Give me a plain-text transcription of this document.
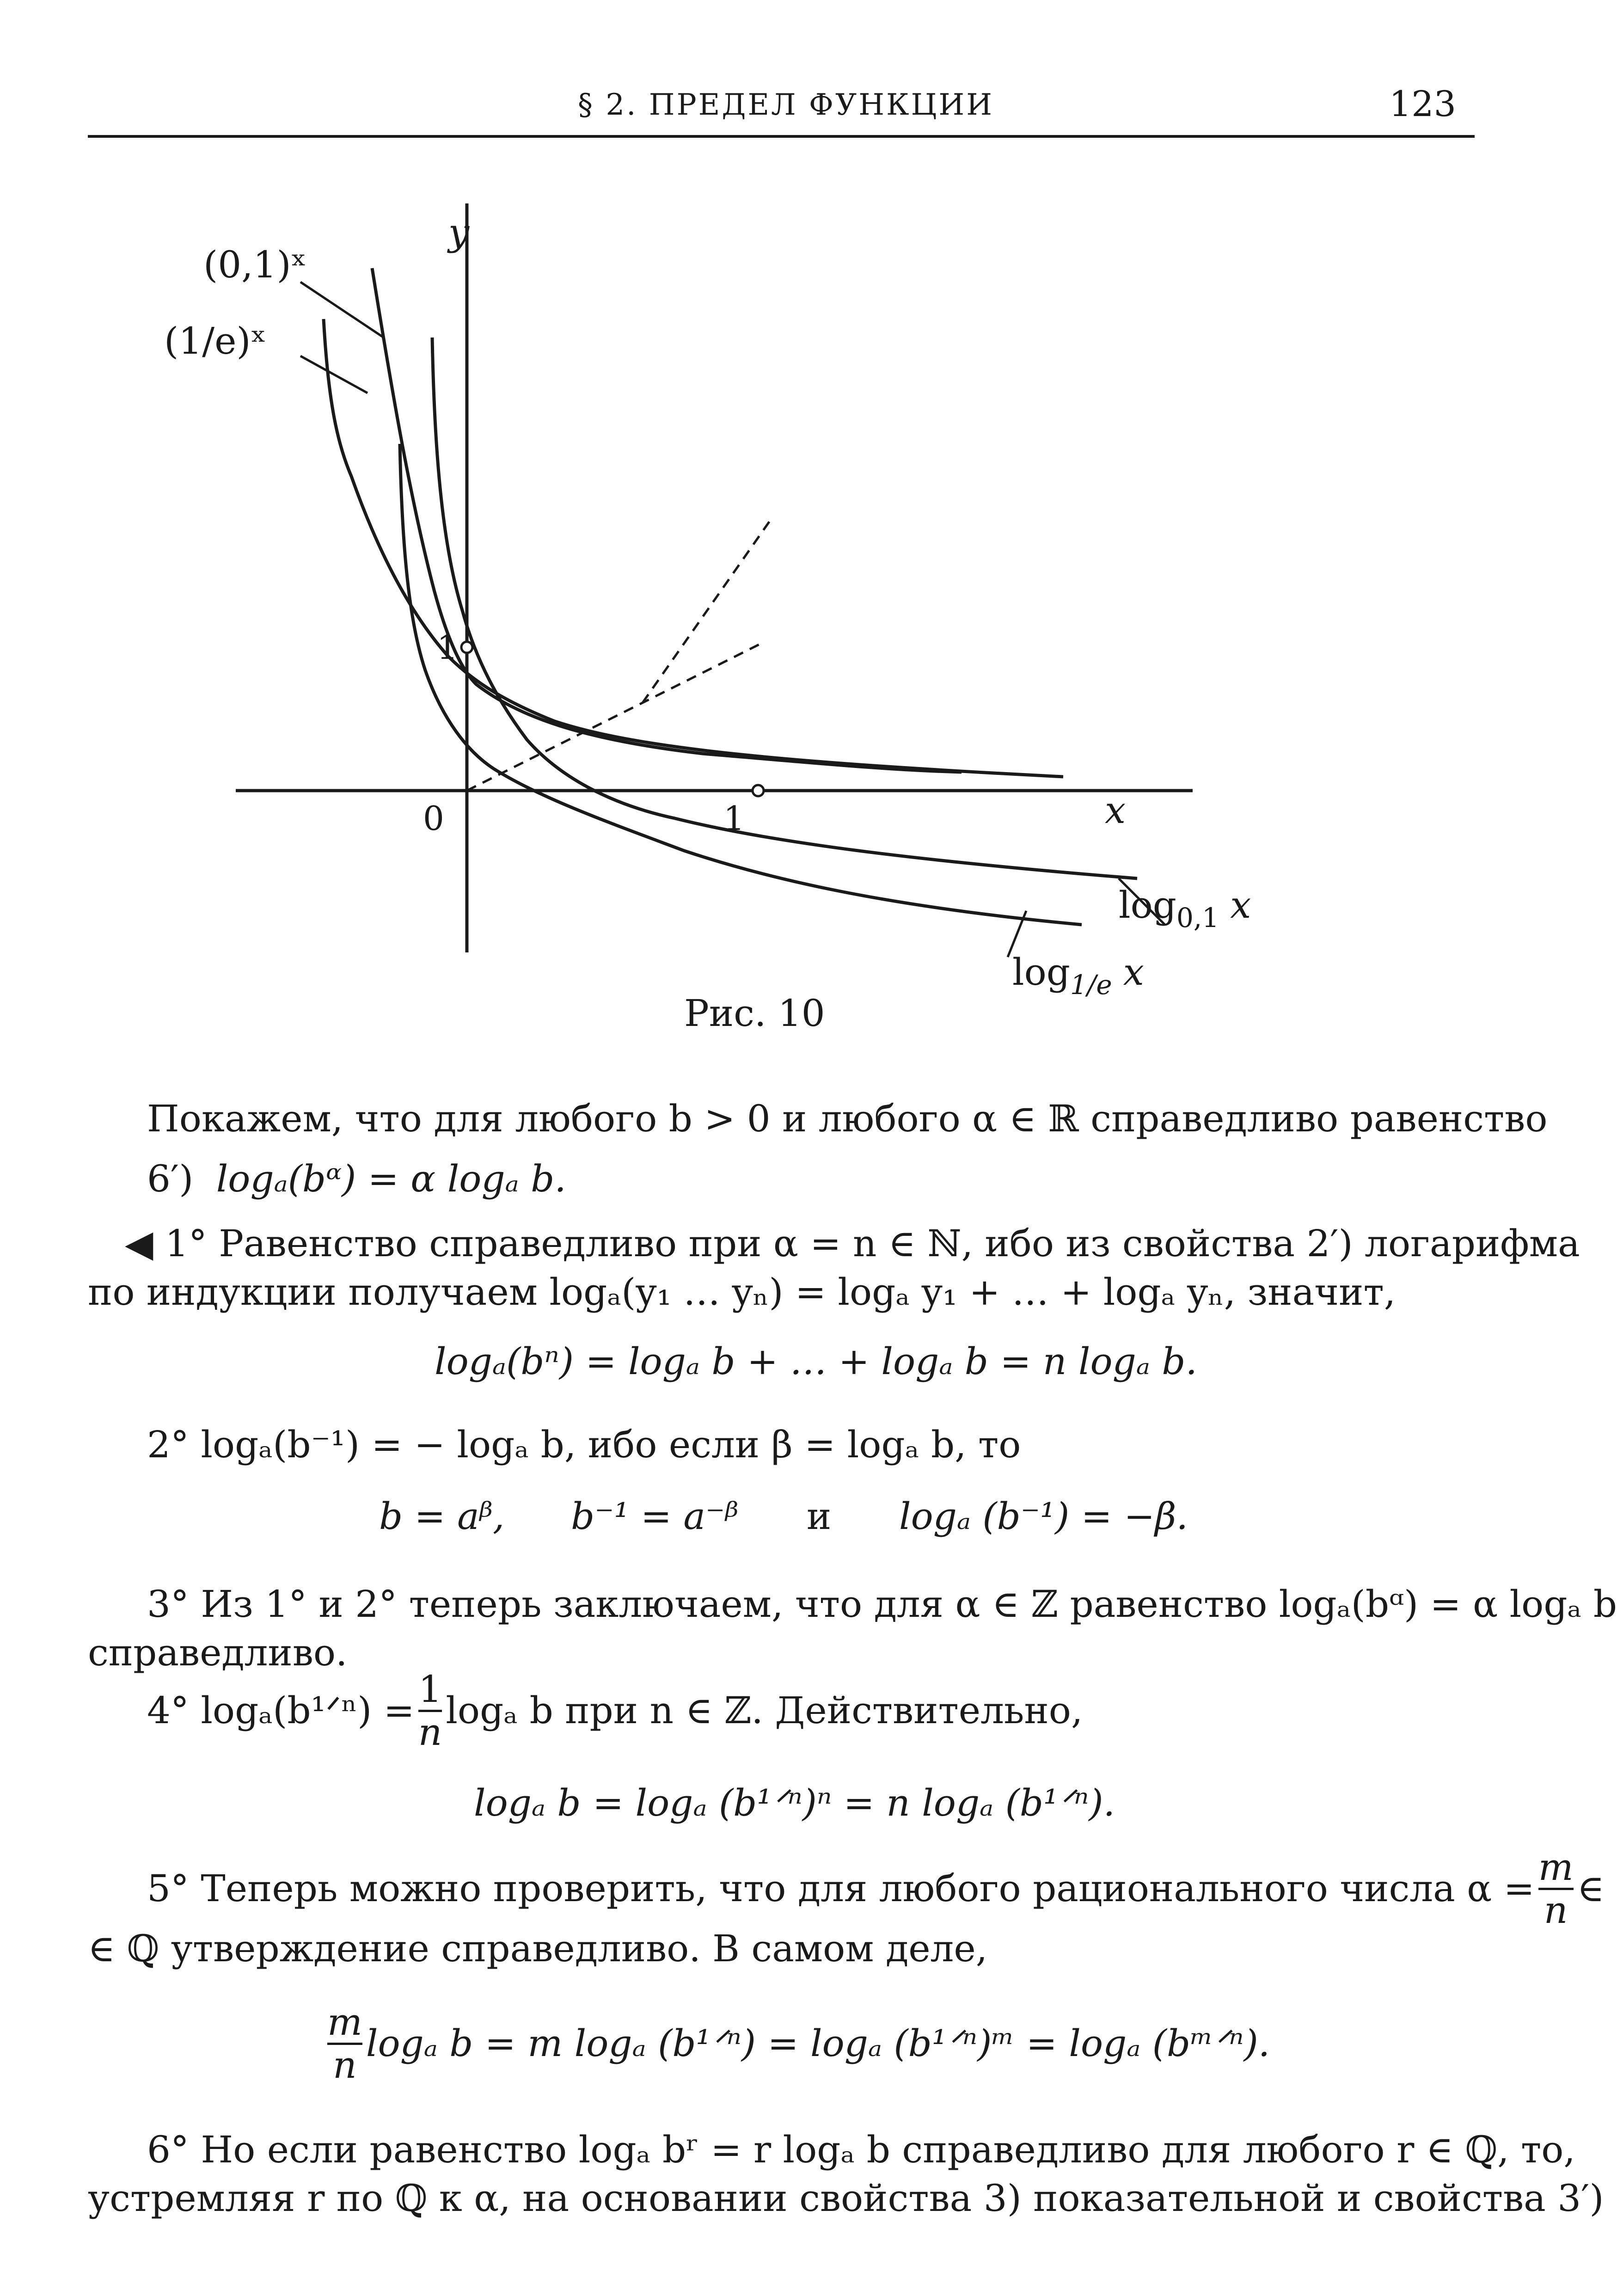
§ 2. ПРЕДЕЛ ФУНКЦИИ	123
y
x
0
1
1
(0,1)ˣ
(1/e)ˣ
$\log_{0,1} x$
$\log_{1/e} x$
Рис. 10
Покажем, что для любого b > 0 и любого α ∈ ℝ справедливо равенство
6′) logₐ(bᵅ) = α logₐ b.
◀ 1° Равенство справедливо при α = n ∈ ℕ, ибо из свойства 2′) логарифма
по индукции получаем logₐ(y₁ … yₙ) = logₐ y₁ + … + logₐ yₙ, значит,
logₐ(bⁿ) = logₐ b + … + logₐ b = n logₐ b.
2° logₐ(b⁻¹) = − logₐ b, ибо если β = logₐ b, то
b = aᵝ, b⁻¹ = a⁻ᵝ и logₐ (b⁻¹) = −β.
3° Из 1° и 2° теперь заключаем, что для α ∈ ℤ равенство logₐ(bᵅ) = α logₐ b
справедливо.
4° logₐ(b¹ᐟⁿ) = $\frac{1}{n}$ logₐ b при n ∈ ℤ. Действительно,
logₐ b = logₐ (b¹ᐟⁿ)ⁿ = n logₐ (b¹ᐟⁿ).
5° Теперь можно проверить, что для любого рационального числа $\alpha = \frac{m}{n}$ ∈
∈ ℚ утверждение справедливо. В самом деле,
$\frac{m}{n}$ logₐ b = m logₐ (b¹ᐟⁿ) = logₐ (b¹ᐟⁿ)ᵐ = logₐ (bᵐᐟⁿ).
6° Но если равенство logₐ bʳ = r logₐ b справедливо для любого r ∈ ℚ, то,
устремляя r по ℚ к α, на основании свойства 3) показательной и свойства 3′)
